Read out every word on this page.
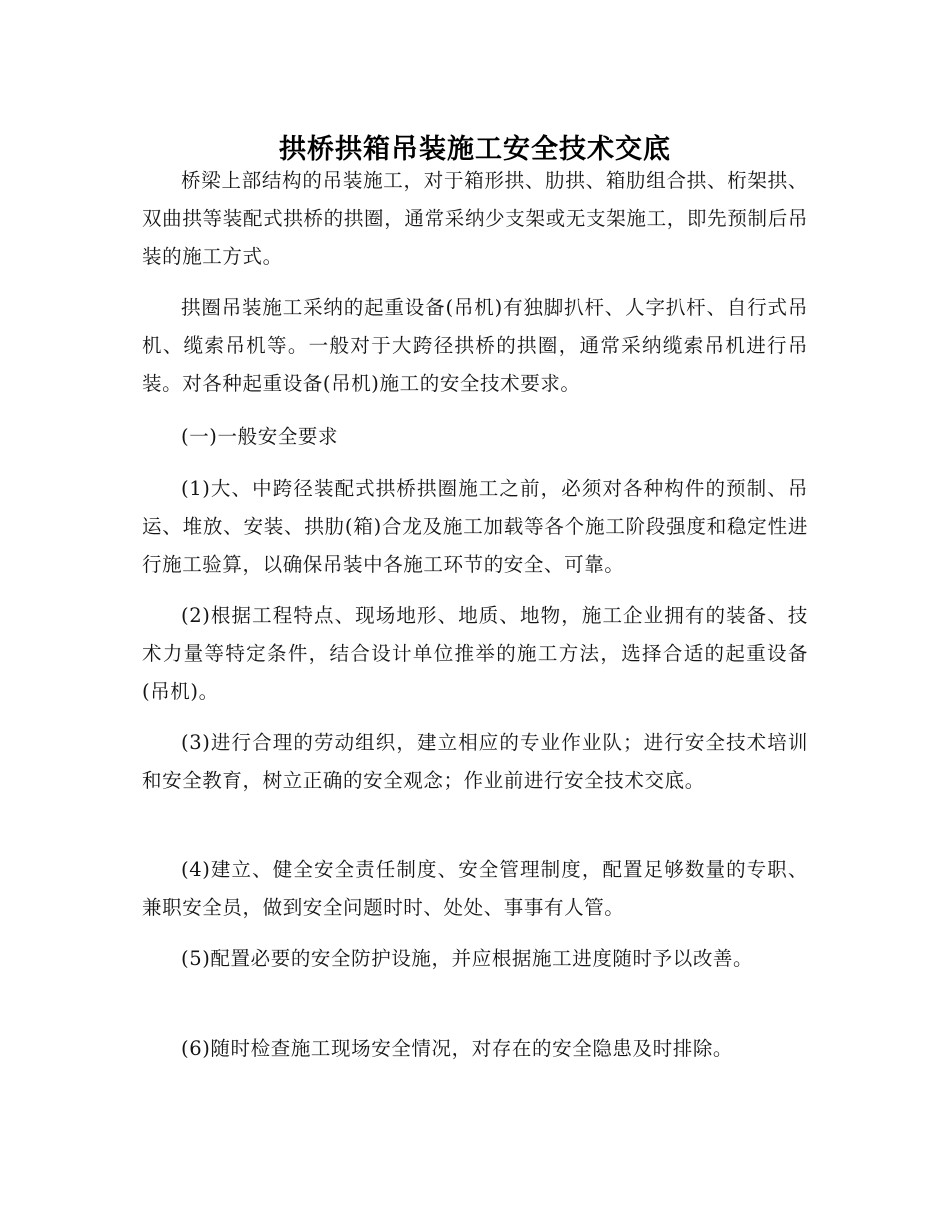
拱桥拱箱吊装施工安全技术交底

桥梁上部结构的吊装施工，对于箱形拱、肋拱、箱肋组合拱、桁架拱、双曲拱等装配式拱桥的拱圈，通常采纳少支架或无支架施工，即先预制后吊装的施工方式。

拱圈吊装施工采纳的起重设备(吊机)有独脚扒杆、人字扒杆、自行式吊机、缆索吊机等。一般对于大跨径拱桥的拱圈，通常采纳缆索吊机进行吊装。对各种起重设备(吊机)施工的安全技术要求。

(一)一般安全要求

(1)大、中跨径装配式拱桥拱圈施工之前，必须对各种构件的预制、吊运、堆放、安装、拱肋(箱)合龙及施工加载等各个施工阶段强度和稳定性进行施工验算，以确保吊装中各施工环节的安全、可靠。

(2)根据工程特点、现场地形、地质、地物，施工企业拥有的装备、技术力量等特定条件，结合设计单位推举的施工方法，选择合适的起重设备(吊机)。

(3)进行合理的劳动组织，建立相应的专业作业队；进行安全技术培训和安全教育，树立正确的安全观念；作业前进行安全技术交底。

(4)建立、健全安全责任制度、安全管理制度，配置足够数量的专职、兼职安全员，做到安全问题时时、处处、事事有人管。

(5)配置必要的安全防护设施，并应根据施工进度随时予以改善。

(6)随时检查施工现场安全情况，对存在的安全隐患及时排除。
